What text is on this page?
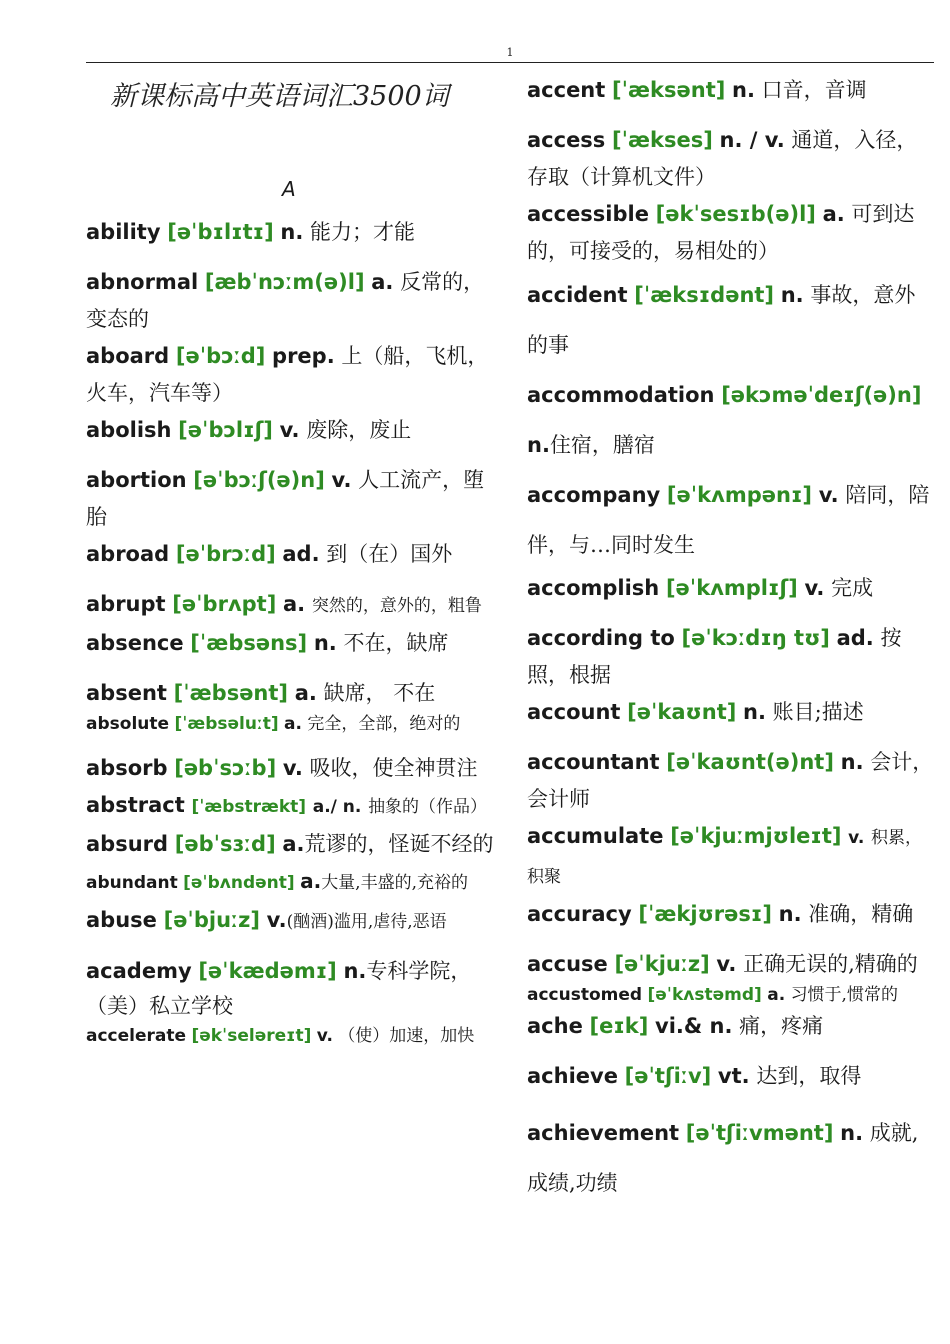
1
新课标高中英语词汇3500词
A

ability [əˈbɪlɪtɪ] n. 能力；才能

abnormal [æbˈnɔːm(ə)l] a. 反常的，变态的

aboard [əˈbɔːd] prep. 上（船，飞机，火车，汽车等）

abolish [əˈbɔlɪʃ] v. 废除，废止

abortion [əˈbɔːʃ(ə)n] v. 人工流产，堕胎

abroad [əˈbrɔːd] ad. 到（在）国外

abrupt [əˈbrʌpt] a. 突然的，意外的，粗鲁

absence [ˈæbsəns] n. 不在，缺席

absent [ˈæbsənt] a. 缺席， 不在

absolute [ˈæbsəluːt] a. 完全，全部，绝对的

absorb [əbˈsɔːb] v. 吸收，使全神贯注

abstract [ˈæbstrækt] a./ n. 抽象的（作品）

absurd [əbˈsɜːd] a.荒谬的，怪诞不经的

abundant [əˈbʌndənt] a.大量,丰盛的,充裕的

abuse [əˈbjuːz] v.(酗酒)滥用,虐待,恶语

academy [əˈkædəmɪ] n.专科学院，（美）私立学校

accelerate [əkˈseləreɪt] v. （使）加速，加快

accent [ˈæksənt] n. 口音，音调

access [ˈækses] n. / v. 通道，入径，存取（计算机文件）

accessible [əkˈsesɪb(ə)l] a. 可到达的，可接受的，易相处的）

accident [ˈæksɪdənt] n. 事故，意外的事

accommodation [əkɔməˈdeɪʃ(ə)n] n.住宿，膳宿

accompany [əˈkʌmpənɪ] v. 陪同，陪伴，与…同时发生

accomplish [əˈkʌmplɪʃ] v. 完成

according to [əˈkɔːdɪŋ tʊ] ad. 按照，根据

account [əˈkaʊnt] n. 账目;描述

accountant [əˈkaʊnt(ə)nt] n. 会计，会计师

accumulate [əˈkjuːmjʊleɪt] v. 积累，积聚

accuracy [ˈækjʊrəsɪ] n. 准确，精确

accuse [əˈkjuːz] v. 正确无误的,精确的

accustomed [əˈkʌstəmd] a. 习惯于,惯常的

ache [eɪk] vi.& n. 痛，疼痛

achieve [əˈtʃiːv] vt. 达到，取得

achievement [əˈtʃiːvmənt] n. 成就,成绩,功绩
